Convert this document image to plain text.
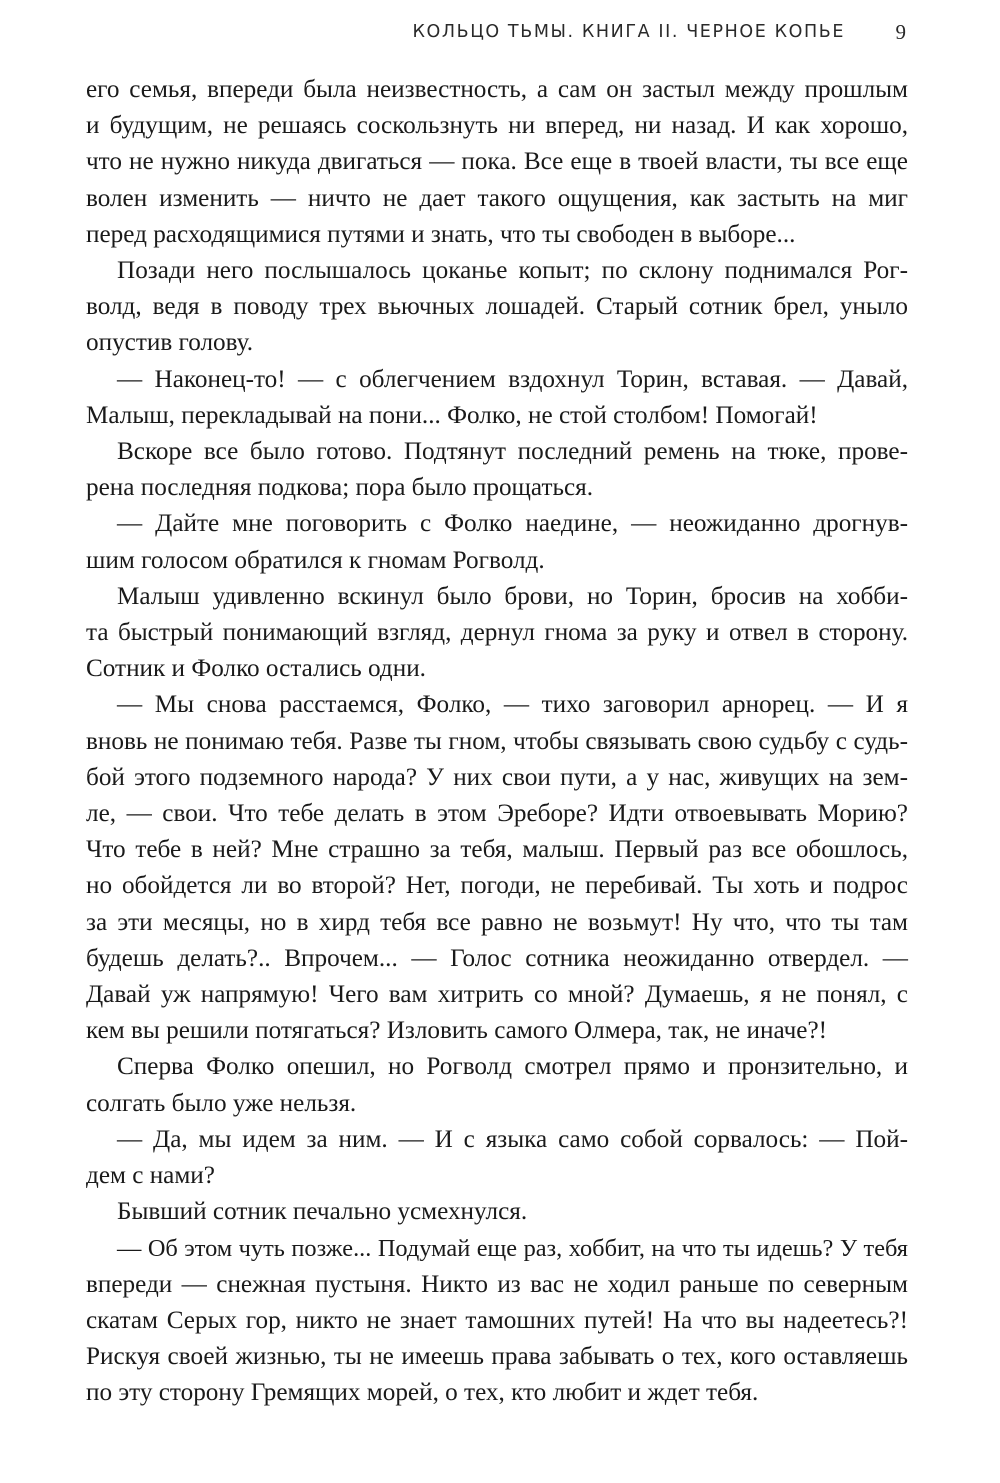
КОЛЬЦО ТЬМЫ. КНИГА II. ЧЕРНОЕ КОПЬЕ 9

его семья, впереди была неизвестность, а сам он застыл между прошлым
и будущим, не решаясь соскользнуть ни вперед, ни назад. И как хорошо,
что не нужно никуда двигаться — пока. Все еще в твоей власти, ты все еще
волен изменить — ничто не дает такого ощущения, как застыть на миг
перед расходящимися путями и знать, что ты свободен в выборе...

Позади него послышалось цоканье копыт; по склону поднимался Рог-
волд, ведя в поводу трех вьючных лошадей. Старый сотник брел, уныло
опустив голову.

— Наконец-то! — с облегчением вздохнул Торин, вставая. — Давай,
Малыш, перекладывай на пони... Фолко, не стой столбом! Помогай!

Вскоре все было готово. Подтянут последний ремень на тюке, прове-
рена последняя подкова; пора было прощаться.

— Дайте мне поговорить с Фолко наедине, — неожиданно дрогнув-
шим голосом обратился к гномам Рогволд.

Малыш удивленно вскинул было брови, но Торин, бросив на хобби-
та быстрый понимающий взгляд, дернул гнома за руку и отвел в сторону.
Сотник и Фолко остались одни.

— Мы снова расстаемся, Фолко, — тихо заговорил арнорец. — И я
вновь не понимаю тебя. Разве ты гном, чтобы связывать свою судьбу с судь-
бой этого подземного народа? У них свои пути, а у нас, живущих на зем-
ле, — свои. Что тебе делать в этом Эреборе? Идти отвоевывать Морию?
Что тебе в ней? Мне страшно за тебя, малыш. Первый раз все обошлось,
но обойдется ли во второй? Нет, погоди, не перебивай. Ты хоть и подрос
за эти месяцы, но в хирд тебя все равно не возьмут! Ну что, что ты там
будешь делать?.. Впрочем... — Голос сотника неожиданно отвердел. —
Давай уж напрямую! Чего вам хитрить со мной? Думаешь, я не понял, с
кем вы решили потягаться? Изловить самого Олмера, так, не иначе?!

Сперва Фолко опешил, но Рогволд смотрел прямо и пронзительно, и
солгать было уже нельзя.

— Да, мы идем за ним. — И с языка само собой сорвалось: — Пой-
дем с нами?

Бывший сотник печально усмехнулся.

— Об этом чуть позже... Подумай еще раз, хоббит, на что ты идешь? У тебя
впереди — снежная пустыня. Никто из вас не ходил раньше по северным
скатам Серых гор, никто не знает тамошних путей! На что вы надеетесь?!
Рискуя своей жизнью, ты не имеешь права забывать о тех, кого оставляешь
по эту сторону Гремящих морей, о тех, кто любит и ждет тебя.
